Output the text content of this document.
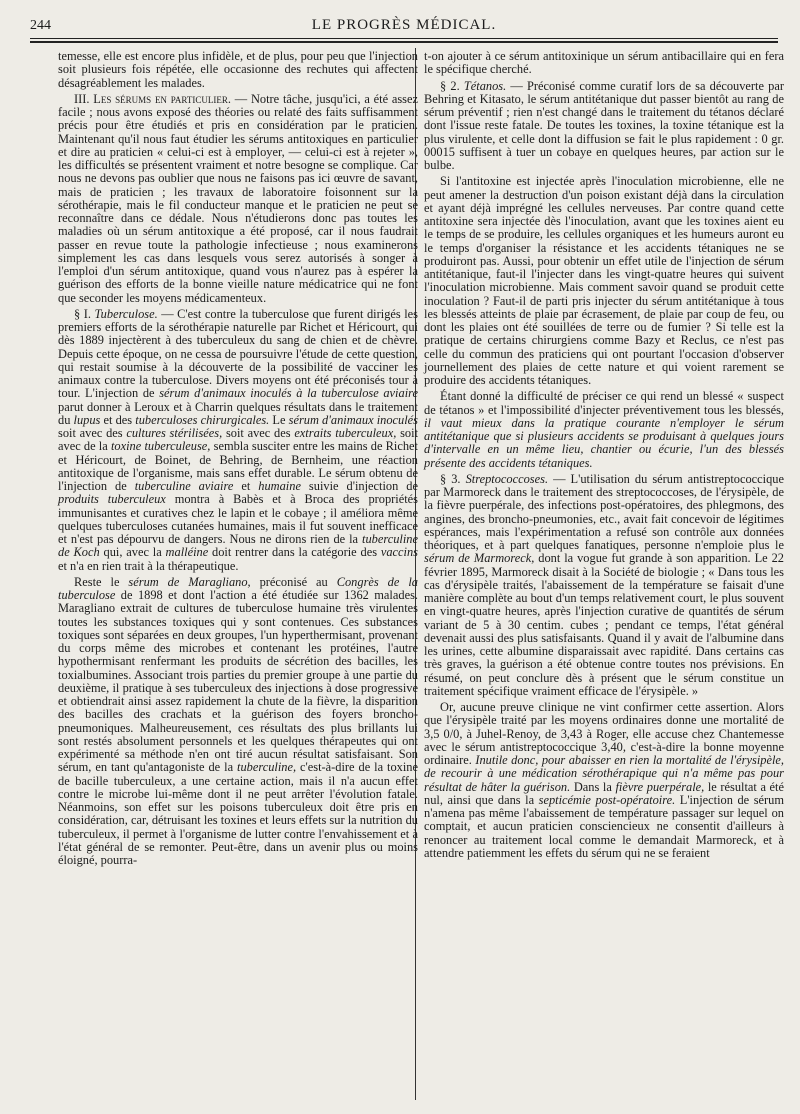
244	LE PROGRÈS MÉDICAL.

temesse, elle est encore plus infidèle, et de plus, pour peu que l'injection soit plusieurs fois répétée, elle occasionne des rechutes qui affectent désagréablement les malades.

III. Les sérums en particulier. — Notre tâche, jusqu'ici, a été assez facile ; nous avons exposé des théories ou relaté des faits suffisamment précis pour être étudiés et pris en considération par le praticien. Maintenant qu'il nous faut étudier les sérums antitoxiques en particulier et dire au praticien « celui-ci est à employer, — celui-ci est à rejeter », les difficultés se présentent vraiment et notre besogne se complique. Car nous ne devons pas oublier que nous ne faisons pas ici œuvre de savant, mais de praticien ; les travaux de laboratoire foisonnent sur la sérothérapie, mais le fil conducteur manque et le praticien ne peut se reconnaître dans ce dédale. Nous n'étudierons donc pas toutes les maladies où un sérum antitoxique a été proposé, car il nous faudrait passer en revue toute la pathologie infectieuse ; nous examinerons simplement les cas dans lesquels vous serez autorisés à songer à l'emploi d'un sérum antitoxique, quand vous n'aurez pas à espérer la guérison des efforts de la bonne vieille nature médicatrice qui ne font que seconder les moyens médicamenteux.

§ I. Tuberculose. — C'est contre la tuberculose que furent dirigés les premiers efforts de la sérothérapie naturelle par Richet et Héricourt, qui dès 1889 injectèrent à des tuberculeux du sang de chien et de chèvre. Depuis cette époque, on ne cessa de poursuivre l'étude de cette question, qui restait soumise à la découverte de la possibilité de vacciner les animaux contre la tuberculose. Divers moyens ont été préconisés tour à tour. L'injection de sérum d'animaux inoculés à la tuberculose aviaire parut donner à Leroux et à Charrin quelques résultats dans le traitement du lupus et des tuberculoses chirurgicales. Le sérum d'animaux inoculés soit avec des cultures stérilisées, soit avec des extraits tuberculeux, soit avec de la toxine tuberculeuse, sembla susciter entre les mains de Richet et Héricourt, de Boinet, de Behring, de Bernheim, une réaction antitoxique de l'organisme, mais sans effet durable. Le sérum obtenu de l'injection de tuberculine aviaire et humaine suivie d'injection de produits tuberculeux montra à Babès et à Broca des propriétés immunisantes et curatives chez le lapin et le cobaye ; il améliora même quelques tuberculoses cutanées humaines, mais il fut souvent inefficace et n'est pas dépourvu de dangers. Nous ne dirons rien de la tuberculine de Koch qui, avec la malléine doit rentrer dans la catégorie des vaccins et n'a en rien trait à la thérapeutique.

Reste le sérum de Maragliano, préconisé au Congrès de la tuberculose de 1898 et dont l'action a été étudiée sur 1362 malades. Maragliano extrait de cultures de tuberculose humaine très virulentes toutes les substances toxiques qui y sont contenues. Ces substances toxiques sont séparées en deux groupes, l'un hyperthermisant, provenant du corps même des microbes et contenant les protéines, l'autre hypothermisant renfermant les produits de sécrétion des bacilles, les toxialbumines. Associant trois parties du premier groupe à une partie du deuxième, il pratique à ses tuberculeux des injections à dose progressive et obtiendrait ainsi assez rapidement la chute de la fièvre, la disparition des bacilles des crachats et la guérison des foyers broncho-pneumoniques. Malheureusement, ces résultats des plus brillants lui sont restés absolument personnels et les quelques thérapeutes qui ont expérimenté sa méthode n'en ont tiré aucun résultat satisfaisant. Son sérum, en tant qu'antagoniste de la tuberculine, c'est-à-dire de la toxine de bacille tuberculeux, a une certaine action, mais il n'a aucun effet contre le microbe lui-même dont il ne peut arrêter l'évolution fatale. Néanmoins, son effet sur les poisons tuberculeux doit être pris en considération, car, détruisant les toxines et leurs effets sur la nutrition du tuberculeux, il permet à l'organisme de lutter contre l'envahissement et à l'état général de se remonter. Peut-être, dans un avenir plus ou moins éloigné, pourra-

t-on ajouter à ce sérum antitoxinique un sérum antibacillaire qui en fera le spécifique cherché.

§ 2. Tétanos. — Préconisé comme curatif lors de sa découverte par Behring et Kitasato, le sérum antitétanique dut passer bientôt au rang de sérum préventif ; rien n'est changé dans le traitement du tétanos déclaré dont l'issue reste fatale. De toutes les toxines, la toxine tétanique est la plus virulente, et celle dont la diffusion se fait le plus rapidement : 0 gr. 00015 suffisent à tuer un cobaye en quelques heures, par action sur le bulbe.

Si l'antitoxine est injectée après l'inoculation microbienne, elle ne peut amener la destruction d'un poison existant déjà dans la circulation et ayant déjà imprégné les cellules nerveuses. Par contre quand cette antitoxine sera injectée dès l'inoculation, avant que les toxines aient eu le temps de se produire, les cellules organiques et les humeurs auront eu le temps d'organiser la résistance et les accidents tétaniques ne se produiront pas. Aussi, pour obtenir un effet utile de l'injection de sérum antitétanique, faut-il l'injecter dans les vingt-quatre heures qui suivent l'inoculation microbienne. Mais comment savoir quand se produit cette inoculation ? Faut-il de parti pris injecter du sérum antitétanique à tous les blessés atteints de plaie par écrasement, de plaie par coup de feu, ou dont les plaies ont été souillées de terre ou de fumier ? Si telle est la pratique de certains chirurgiens comme Bazy et Reclus, ce n'est pas celle du commun des praticiens qui ont pourtant l'occasion d'observer journellement des plaies de cette nature et qui voient rarement se produire des accidents tétaniques.

Étant donné la difficulté de préciser ce qui rend un blessé « suspect de tétanos » et l'impossibilité d'injecter préventivement tous les blessés, il vaut mieux dans la pratique courante n'employer le sérum antitétanique que si plusieurs accidents se produisant à quelques jours d'intervalle en un même lieu, chantier ou écurie, l'un des blessés présente des accidents tétaniques.

§ 3. Streptococcoses. — L'utilisation du sérum antistreptococcique par Marmoreck dans le traitement des streptococcoses, de l'érysipèle, de la fièvre puerpérale, des infections post-opératoires, des phlegmons, des angines, des broncho-pneumonies, etc., avait fait concevoir de légitimes espérances, mais l'expérimentation a refusé son contrôle aux données théoriques, et à part quelques fanatiques, personne n'emploie plus le sérum de Marmoreck, dont la vogue fut grande à son apparition. Le 22 février 1895, Marmoreck disait à la Société de biologie ; « Dans tous les cas d'érysipèle traités, l'abaissement de la température se faisait d'une manière complète au bout d'un temps relativement court, le plus souvent en vingt-quatre heures, après l'injection curative de quantités de sérum variant de 5 à 30 centim. cubes ; pendant ce temps, l'état général devenait aussi des plus satisfaisants. Quand il y avait de l'albumine dans les urines, cette albumine disparaissait avec rapidité. Dans certains cas très graves, la guérison a été obtenue contre toutes nos prévisions. En résumé, on peut conclure dès à présent que le sérum constitue un traitement spécifique vraiment efficace de l'érysipèle. »

Or, aucune preuve clinique ne vint confirmer cette assertion. Alors que l'érysipèle traité par les moyens ordinaires donne une mortalité de 3,5 0/0, à Juhel-Renoy, de 3,43 à Roger, elle accuse chez Chantemesse avec le sérum antistreptococcique 3,40, c'est-à-dire la bonne moyenne ordinaire. Inutile donc, pour abaisser en rien la mortalité de l'érysipèle, de recourir à une médication sérothérapique qui n'a même pas pour résultat de hâter la guérison. Dans la fièvre puerpérale, le résultat a été nul, ainsi que dans la septicémie post-opératoire. L'injection de sérum n'amena pas même l'abaissement de température passager sur lequel on comptait, et aucun praticien consciencieux ne consentit d'ailleurs à renoncer au traitement local comme le demandait Marmoreck, et à attendre patiemment les effets du sérum qui ne se feraient
